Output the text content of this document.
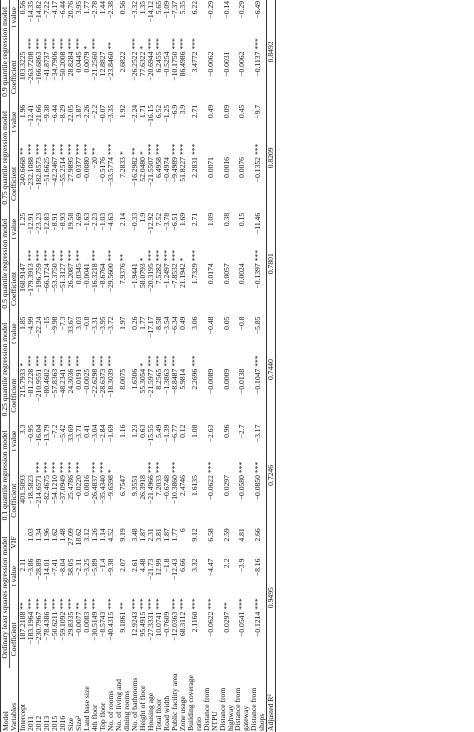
Model	Ordinary least squares regression model				0.1 quantile regression model			0.25 quantile regression model			0.5 quantile regression model			0.75 quantile regression model			0.9 quantile regression model		
Variables	Coefficient		t value	VIF	Coefficient		t value	Coefficient		t value	Coefficient		t value	Coefficient		t value	Coefficient		t value
Intercept	187.2188	**	2.11		401.5093		3.3	215.7933	*	1.85	168.9147		1.25	240.6668	**	1.96	103.3225		0.56
2011	−183.1964	***	−3.86	1.03	−18.5823		−0.95	−81.2228	***	−4.99	−179.3913	***	−12.91	−232.1088	***	−12.41	−263.7208	***	−14.35
2012	−230.7967	***	−28.89	1.34	−214.6571	***	−16.04	−210.9551	***	−22.24	−196.759	***	−23.23	−182.8573	***	−21.66	−166.6863	***	−14.82
2013	−78.4386	***	−14.01	1.96	−82.4675	***	−13.79	−80.4602	***	−15	−66.1724	***	−12.83	−51.6625	***	−9.38	−41.8737	***	−7.22
2015	−50.6211	***	−7.41	1.62	−54.1210	***	−7.2	−57.8363	***	−9.98	−53.3750	***	−8.91	−42.2467	***	−6.44	−34.7906	***	−4.17
2016	−59.1092	***	−8.04	1.48	−37.0949	***	−5.42	−48.2341	***	−7.3	−51.3127	***	−8.93	−55.2514	***	−8.29	−50.2008	***	−6.44
Size	29.8335	***	58.05	27.09	25.4786	***	33.69	24.3036	***	33.67	26.2087	***	19.58	27.9895	***	22.05	28.8284	***	20.76
Size²	−0.0077	**	−2.11	18.62	−0.0220	***	−3.71	0.0191	***	3.03	0.0345	***	2.69	0.0377	***	3.87	0.0445	***	3.95
Land base size	0.0083	***	−3.25	3.12	0.0016		0.41	−0.0025		−0.8	−0.0041		−1.63	−0.0080	***	−2.26	0.0079	*	1.77
4th floor	−30.5149	***	−5.89	1.26	−26.4837	***	−3.04	−22.6298	***	−3.31	−16.3218	***	−2.23	−20	**	−2.2	−21.2560	***	−2.78
Top floor	−8.5743		−1.4	1.14	−35.4340	***	−2.84	−28.6373	***	−3.95	−8.6764		−1.03	−0.5176		−0.07	12.8827		1.44
No. of rooms	−40.4315	***	−9.38	4.52	−9.6598	*	−1.69	−18.3039	***	−3.72	−29.5600	***	−4.63	−33.5774	***	−3.35	−23.8460	**	−2.38
No. of living and dining rooms	9.1861	**	2.07	9.19	6.7547		1.16	8.0075		1.97	7.9376	**	2.14	7.2833	*	1.92	2.6822		0.56
No. of bathrooms	12.9243	***	2.61	3.48	9.3551		1.23	1.6306		0.26	−1.9441		−0.33	−16.2982	**	−2.24	−26.2522	***	−3.32
Height of floor	95.4915	***	4.48	1.87	26.3918		0.63	55.3054	*	1.77	58.0793	*	1.9	52.0480	*	1.71	77.6322	*	1.35
Housing age	−27.3331	***	−21.73	2.31	−21.4966	***	−15.55	−21.5977	***	−17.17	−20.3195	***	−12.92	−21.5507	***	−16.15	−20.6944	***	−14.12
Total floor	10.0741	***	12.99	3.81	7.2033	***	5.49	8.2565	***	8.58	7.5282	***	7.52	6.4958	***	6.52	6.2455	***	5.65
Road width	−0.7609		−1.8	1.87	−0.6748		−1.39	−1.3863	***	−3.54	−1.2497	***	−3.78	−0.4974		−1.25	−0.5254		−1.09
Public facility area	−12.0363	***	−12.43	1.77	−10.3860	***	−6.77	−8.8487	***	−6.34	−7.8532	***	−6.51	−9.4989	***	−6.9	−10.1750	***	−7.37
Zone usage	68.3112	***	6.66	6	2.4746		0.12	5.9814		0.49	21.1942	*	1.69	51.8227	***	3.9	86.4986	***	5.35
Building coverage ratio	2.1160	***	3.32	9.12	1.6135		1.08	2.2696	***	3.06	1.7329	***	2.71	2.2831	***	2.71	3.4772	***	6.22
Distance from NTPU	−0.0622	***	−4.47	6.58	−0.0622	***	−2.63	−0.0089		−0.48	0.0174		1.09	0.0071		0.49	−0.0062		−0.29
Distance from highway	0.0297	**	2.2	2.59	0.0297		0.96	0.0009		0.05	0.0057		0.38	0.0016		0.09	−0.0031		−0.14
Distance from gateway	−0.0541	***	−3.9	4.81	−0.0580	***	−2.7	−0.0138		−0.8	0.0024		0.15	0.0076		0.45	−0.0062		−0.29
Distance from shops	−0.1214	***	−8.16	2.66	−0.0850	***	−3.17	−0.1047	***	−5.85	−0.1397	***	−11.46	−0.1352	***	−9.7	−0.1137	***	−6.49
Adjusted R²	0.9495				0.7246			0.7440			0.7801			0.8209			0.8492		
